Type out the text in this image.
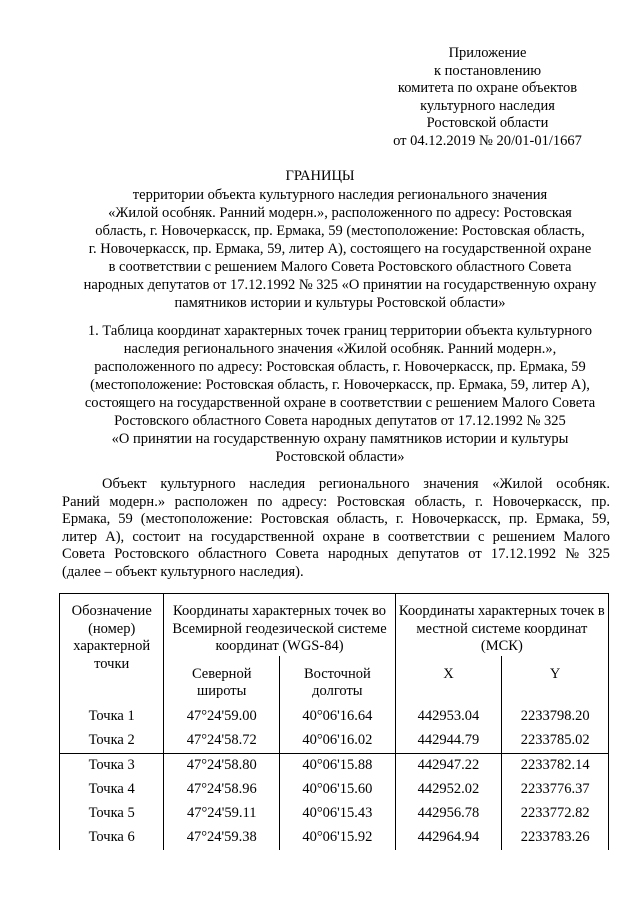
Приложение
к постановлению
комитета по охране объектов
культурного наследия
Ростовской области
от 04.12.2019 № 20/01-01/1667
ГРАНИЦЫ
территории объекта культурного наследия регионального значения
«Жилой особняк. Ранний модерн.», расположенного по адресу: Ростовская
область, г. Новочеркасск, пр. Ермака, 59 (местоположение: Ростовская область,
г. Новочеркасск, пр. Ермака, 59, литер А), состоящего на государственной охране
в соответствии с решением Малого Совета Ростовского областного Совета
народных депутатов от 17.12.1992 № 325 «О принятии на государственную охрану
памятников истории и культуры Ростовской области»
1. Таблица координат характерных точек границ территории объекта культурного
наследия регионального значения «Жилой особняк. Ранний модерн.»,
расположенного по адресу: Ростовская область, г. Новочеркасск, пр. Ермака, 59
(местоположение: Ростовская область, г. Новочеркасск, пр. Ермака, 59, литер А),
состоящего на государственной охране в соответствии с решением Малого Совета
Ростовского областного Совета народных депутатов от 17.12.1992 № 325
«О принятии на государственную охрану памятников истории и культуры
Ростовской области»
Объект культурного наследия регионального значения «Жилой особняк.
Раний модерн.» расположен по адресу: Ростовская область, г. Новочеркасск, пр.
Ермака, 59 (местоположение: Ростовская область, г. Новочеркасск, пр. Ермака, 59,
литер А), состоит на государственной охране в соответствии с решением Малого
Совета Ростовского областного Совета народных депутатов от 17.12.1992 № 325
(далее – объект культурного наследия).
Обозначение (номер) характерной точки	Координаты характерных точек во Всемирной геодезической системе координат (WGS-84)		Координаты характерных точек в местной системе координат (МСК)	
	Северной широты	Восточной долготы	X	Y
Точка 1	47°24'59.00	40°06'16.64	442953.04	2233798.20
Точка 2	47°24'58.72	40°06'16.02	442944.79	2233785.02
Точка 3	47°24'58.80	40°06'15.88	442947.22	2233782.14
Точка 4	47°24'58.96	40°06'15.60	442952.02	2233776.37
Точка 5	47°24'59.11	40°06'15.43	442956.78	2233772.82
Точка 6	47°24'59.38	40°06'15.92	442964.94	2233783.26
